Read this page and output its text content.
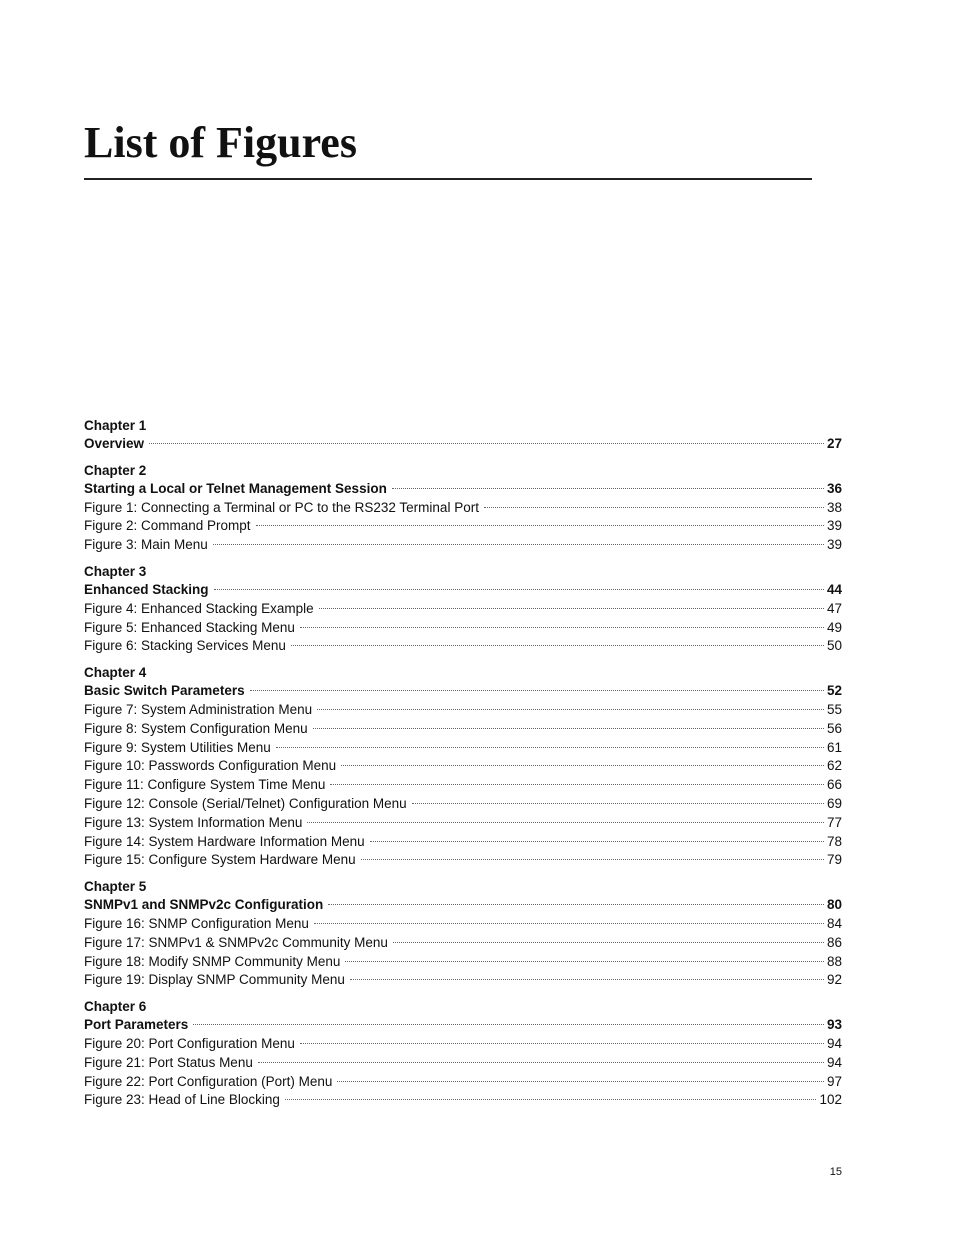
List of Figures
Chapter 1
Overview	27
Chapter 2
Starting a Local or Telnet Management Session	36
Figure 1: Connecting a Terminal or PC to the RS232 Terminal Port	38
Figure 2: Command Prompt	39
Figure 3: Main Menu	39
Chapter 3
Enhanced Stacking	44
Figure 4: Enhanced Stacking Example	47
Figure 5: Enhanced Stacking Menu	49
Figure 6: Stacking Services Menu	50
Chapter 4
Basic Switch Parameters	52
Figure 7: System Administration Menu	55
Figure 8: System Configuration Menu	56
Figure 9: System Utilities Menu	61
Figure 10: Passwords Configuration Menu	62
Figure 11: Configure System Time Menu	66
Figure 12: Console (Serial/Telnet) Configuration Menu	69
Figure 13: System Information Menu	77
Figure 14: System Hardware Information Menu	78
Figure 15: Configure System Hardware Menu	79
Chapter 5
SNMPv1 and SNMPv2c Configuration	80
Figure 16: SNMP Configuration Menu	84
Figure 17: SNMPv1 & SNMPv2c Community Menu	86
Figure 18: Modify SNMP Community Menu	88
Figure 19: Display SNMP Community Menu	92
Chapter 6
Port Parameters	93
Figure 20: Port Configuration Menu	94
Figure 21: Port Status Menu	94
Figure 22: Port Configuration (Port) Menu	97
Figure 23: Head of Line Blocking	102
15
